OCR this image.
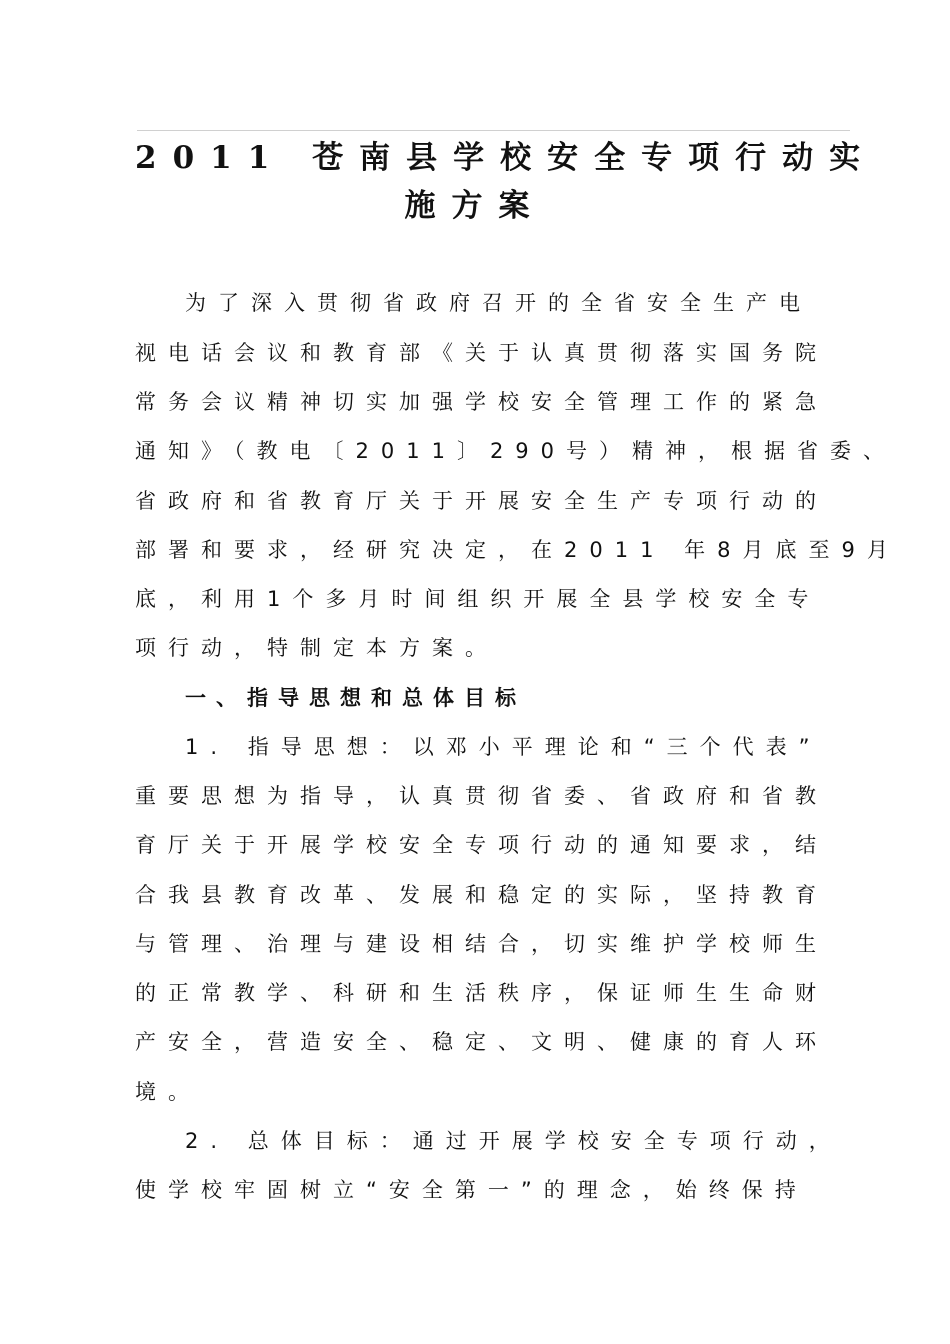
2011 苍南县学校安全专项行动实
施方案
为了深入贯彻省政府召开的全省安全生产电
视电话会议和教育部《关于认真贯彻落实国务院
常务会议精神切实加强学校安全管理工作的紧急
通知》（教电〔2011〕290号）精神，根据省委、
省政府和省教育厅关于开展安全生产专项行动的
部署和要求，经研究决定，在2011 年8月底至9月
底，利用1个多月时间组织开展全县学校安全专
项行动，特制定本方案。
一、指导思想和总体目标
1. 指导思想：以邓小平理论和“三个代表”
重要思想为指导，认真贯彻省委、省政府和省教
育厅关于开展学校安全专项行动的通知要求，结
合我县教育改革、发展和稳定的实际，坚持教育
与管理、治理与建设相结合，切实维护学校师生
的正常教学、科研和生活秩序，保证师生生命财
产安全，营造安全、稳定、文明、健康的育人环
境。
2. 总体目标：通过开展学校安全专项行动，
使学校牢固树立“安全第一”的理念，始终保持
